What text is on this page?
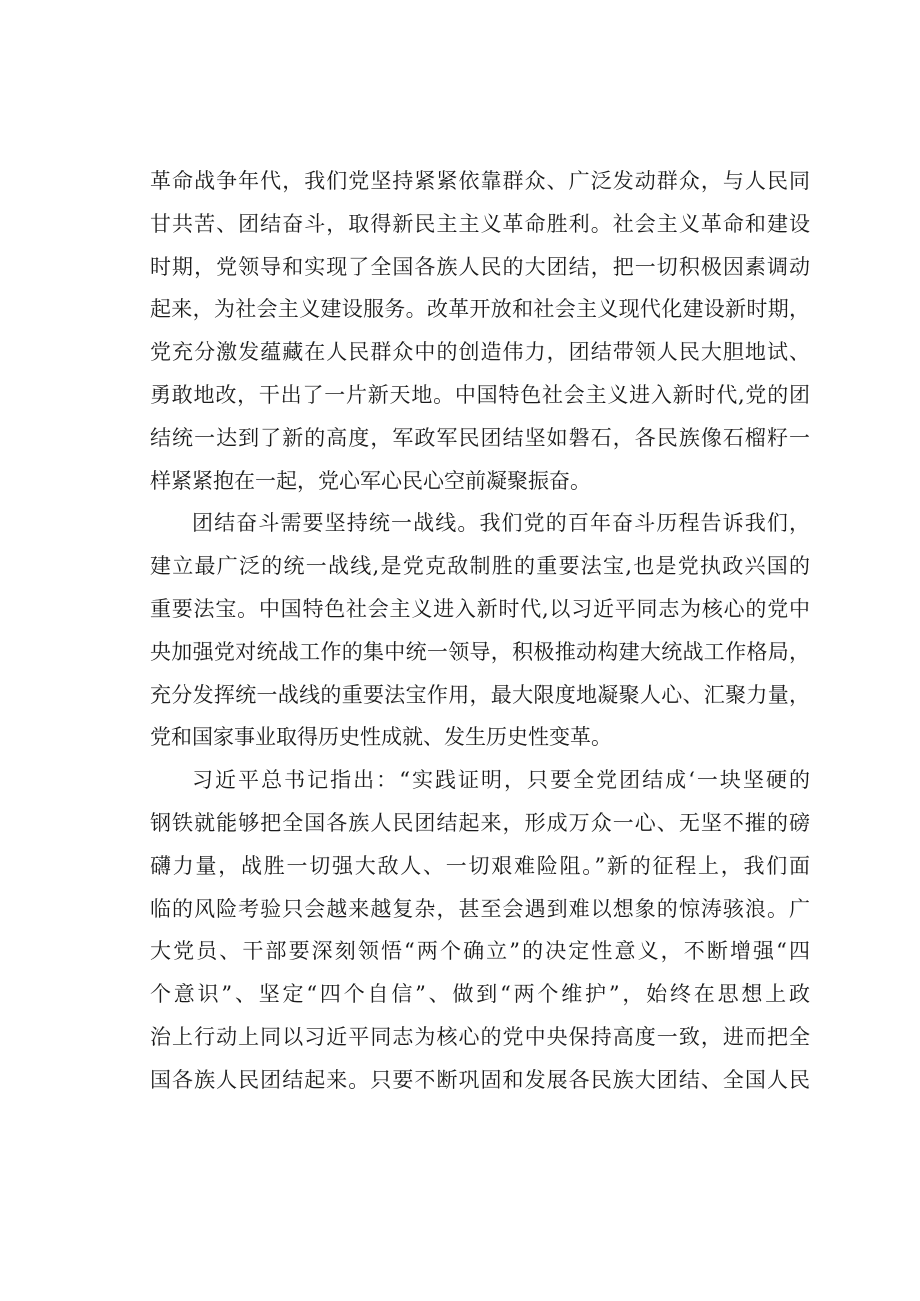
革命战争年代，我们党坚持紧紧依靠群众、广泛发动群众，与人民同
甘共苦、团结奋斗，取得新民主主义革命胜利。社会主义革命和建设
时期，党领导和实现了全国各族人民的大团结，把一切积极因素调动
起来，为社会主义建设服务。改革开放和社会主义现代化建设新时期，
党充分激发蕴藏在人民群众中的创造伟力，团结带领人民大胆地试、
勇敢地改，干出了一片新天地。中国特色社会主义进入新时代,党的团
结统一达到了新的高度，军政军民团结坚如磐石，各民族像石榴籽一
样紧紧抱在一起，党心军心民心空前凝聚振奋。
团结奋斗需要坚持统一战线。我们党的百年奋斗历程告诉我们，
建立最广泛的统一战线,是党克敌制胜的重要法宝,也是党执政兴国的
重要法宝。中国特色社会主义进入新时代,以习近平同志为核心的党中
央加强党对统战工作的集中统一领导，积极推动构建大统战工作格局，
充分发挥统一战线的重要法宝作用，最大限度地凝聚人心、汇聚力量，
党和国家事业取得历史性成就、发生历史性变革。
习近平总书记指出：“实践证明，只要全党团结成‘一块坚硬的
钢铁就能够把全国各族人民团结起来，形成万众一心、无坚不摧的磅
礴力量，战胜一切强大敌人、一切艰难险阻。”新的征程上，我们面
临的风险考验只会越来越复杂，甚至会遇到难以想象的惊涛骇浪。广
大党员、干部要深刻领悟“两个确立”的决定性意义，不断增强“四
个意识”、坚定“四个自信”、做到“两个维护”，始终在思想上政
治上行动上同以习近平同志为核心的党中央保持高度一致，进而把全
国各族人民团结起来。只要不断巩固和发展各民族大团结、全国人民
